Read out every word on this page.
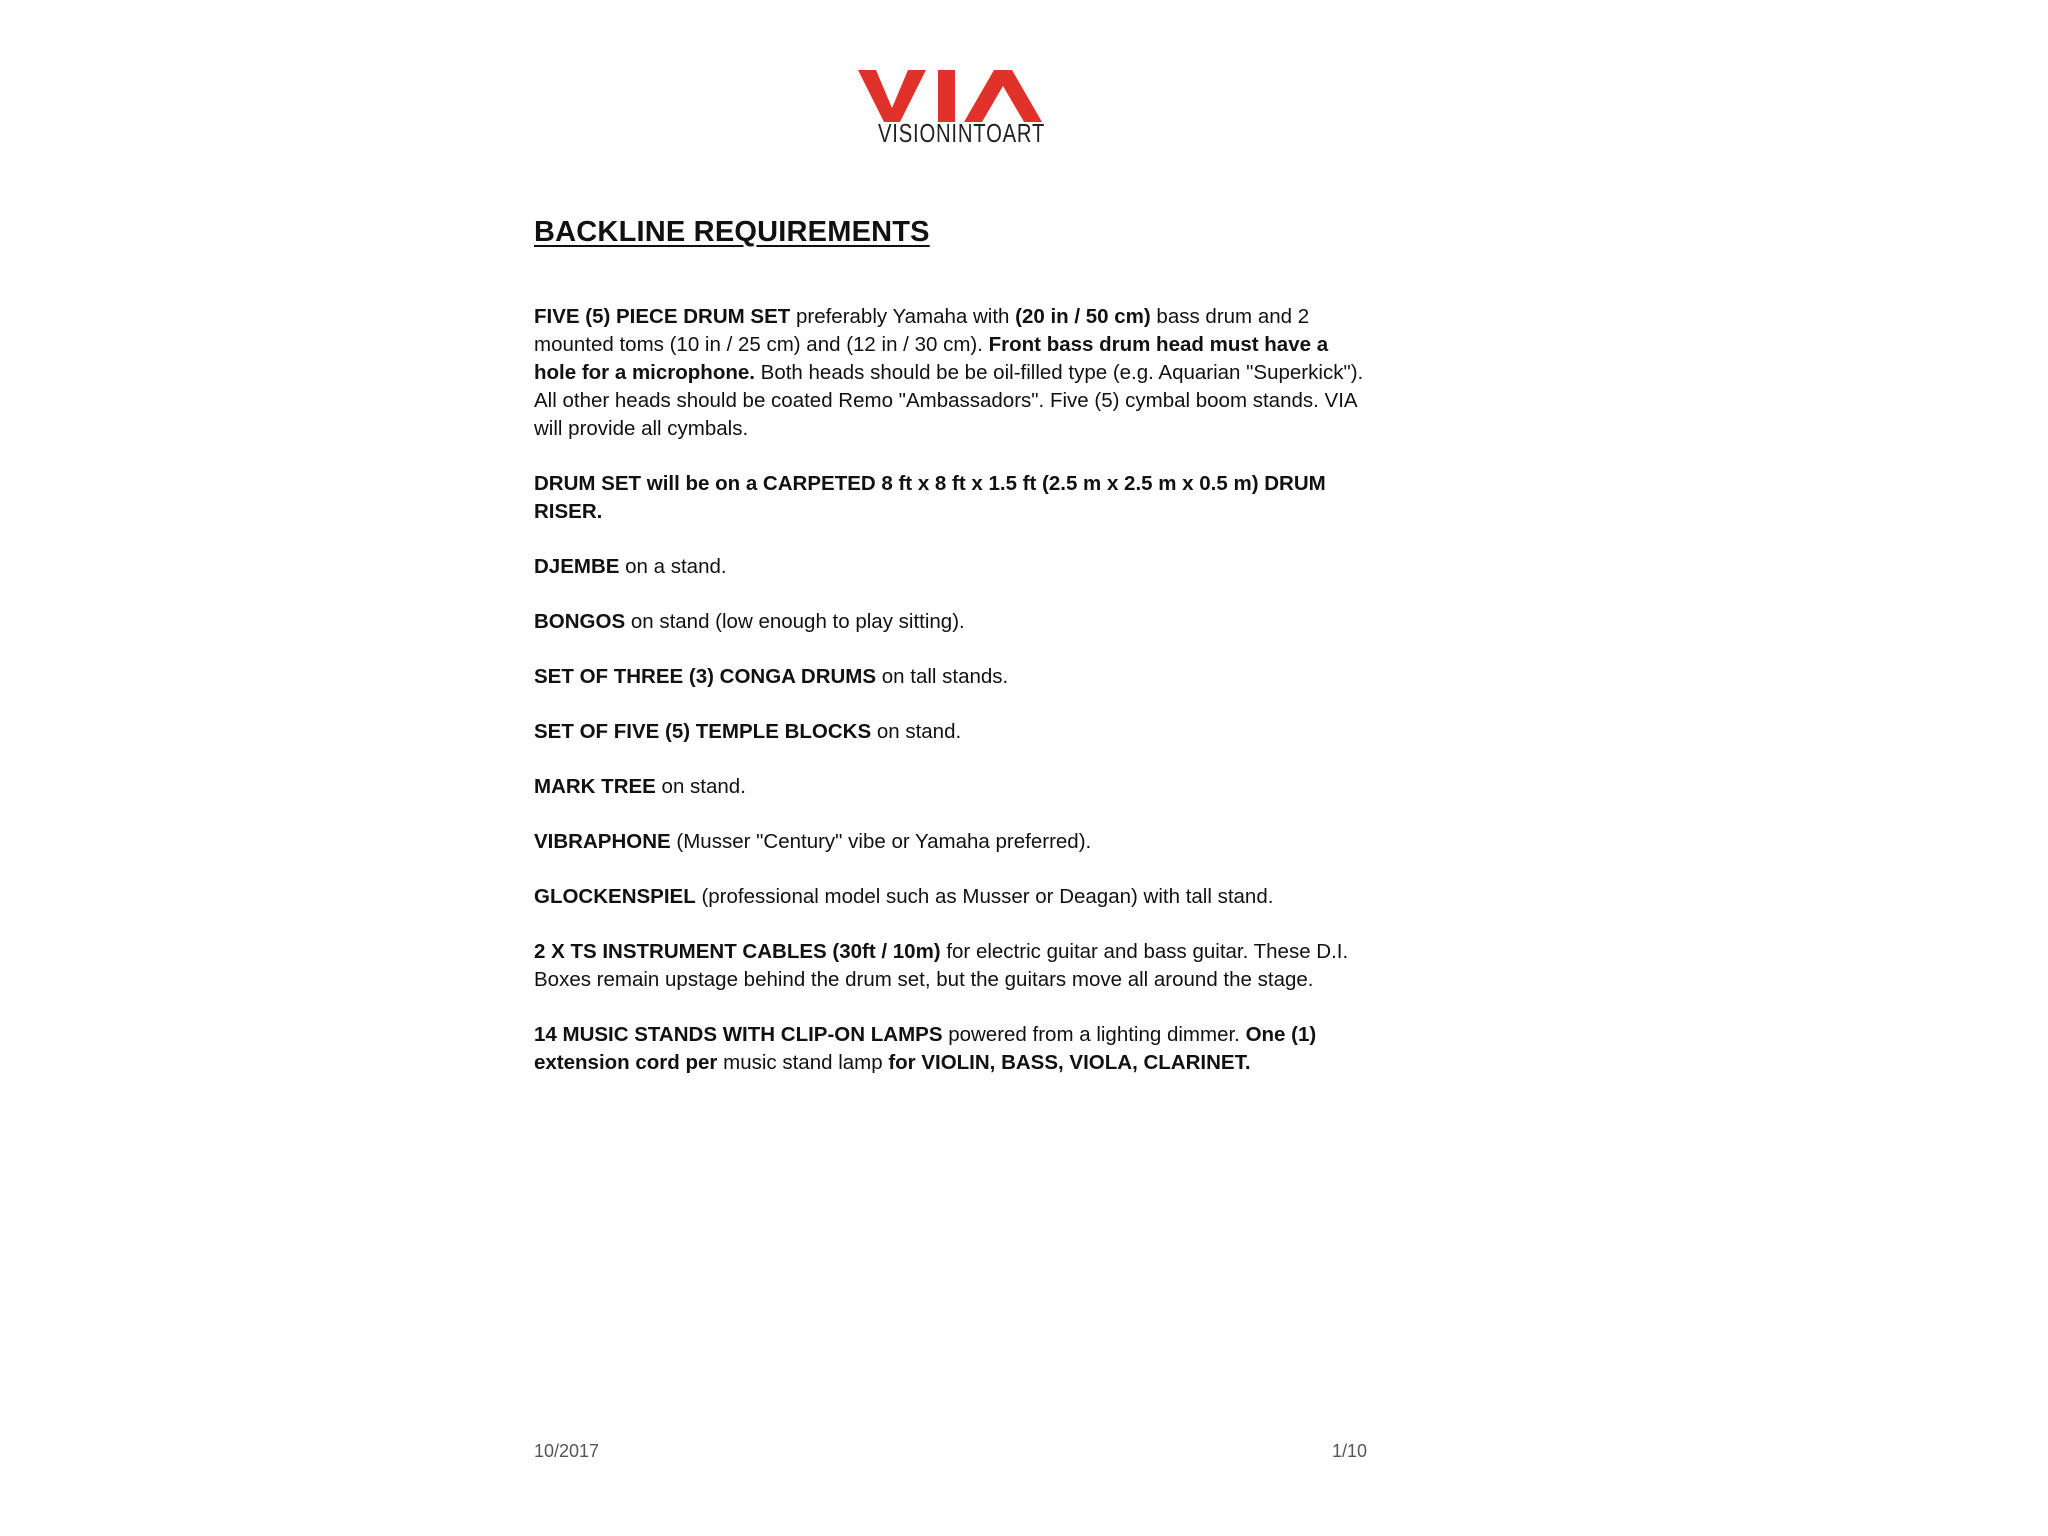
VISIONINTOART
BACKLINE REQUIREMENTS

FIVE (5) PIECE DRUM SET preferably Yamaha with (20 in / 50 cm) bass drum and 2 mounted toms (10 in / 25 cm) and (12 in / 30 cm). Front bass drum head must have a hole for a microphone. Both heads should be be oil-filled type (e.g. Aquarian "Superkick"). All other heads should be coated Remo "Ambassadors". Five (5) cymbal boom stands. VIA will provide all cymbals.

DRUM SET will be on a CARPETED 8 ft x 8 ft x 1.5 ft (2.5 m x 2.5 m x 0.5 m) DRUM RISER.

DJEMBE on a stand.

BONGOS on stand (low enough to play sitting).

SET OF THREE (3) CONGA DRUMS on tall stands.

SET OF FIVE (5) TEMPLE BLOCKS on stand.

MARK TREE on stand.

VIBRAPHONE (Musser "Century" vibe or Yamaha preferred).

GLOCKENSPIEL (professional model such as Musser or Deagan) with tall stand.

2 X TS INSTRUMENT CABLES (30ft / 10m) for electric guitar and bass guitar. These D.I. Boxes remain upstage behind the drum set, but the guitars move all around the stage.

14 MUSIC STANDS WITH CLIP-ON LAMPS powered from a lighting dimmer. One (1) extension cord per music stand lamp for VIOLIN, BASS, VIOLA, CLARINET.

10/2017	1/10
